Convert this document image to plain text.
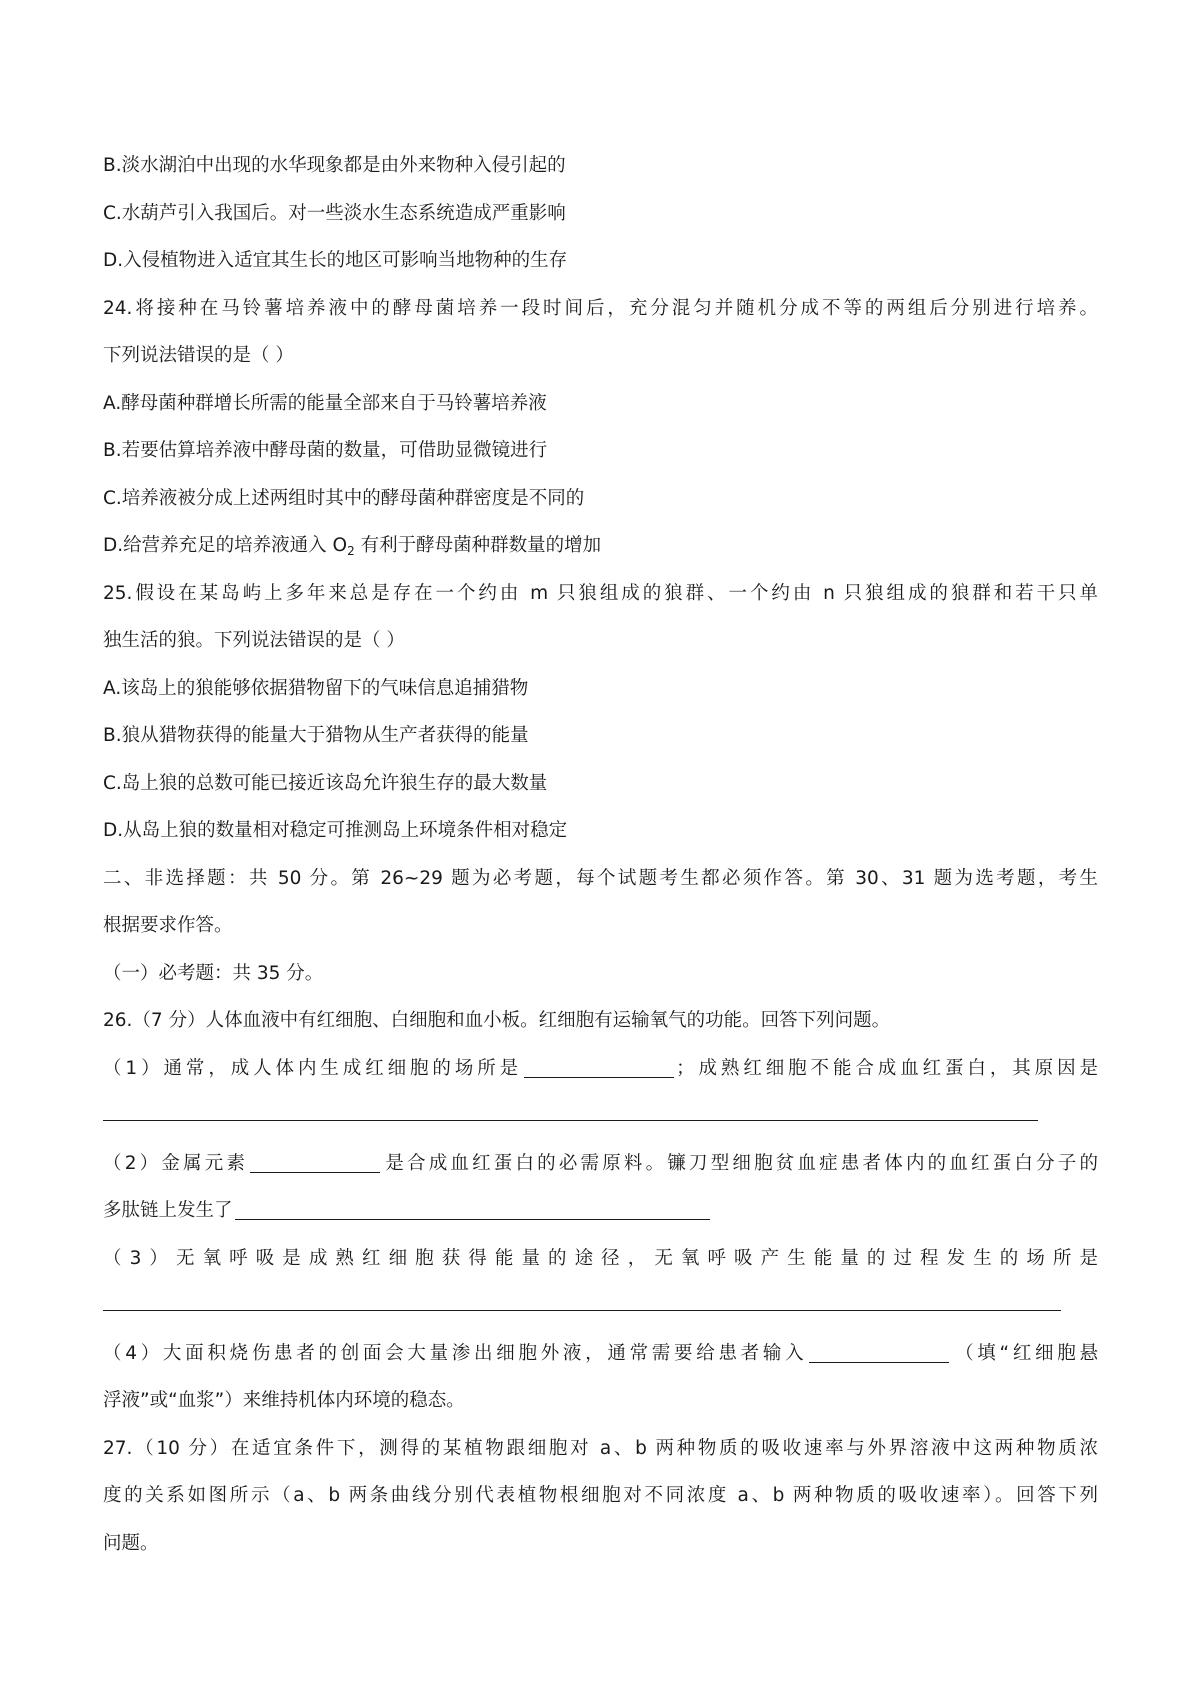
B.淡水湖泊中出现的水华现象都是由外来物种入侵引起的
C.水葫芦引入我国后。对一些淡水生态系统造成严重影响
D.入侵植物进入适宜其生长的地区可影响当地物种的生存
24.将接种在马铃薯培养液中的酵母菌培养一段时间后，充分混匀并随机分成不等的两组后分别进行培养。
下列说法错误的是（ ）
A.酵母菌种群增长所需的能量全部来自于马铃薯培养液
B.若要估算培养液中酵母菌的数量，可借助显微镜进行
C.培养液被分成上述两组时其中的酵母菌种群密度是不同的
D.给营养充足的培养液通入 $O_2$ 有利于酵母菌种群数量的增加
25.假设在某岛屿上多年来总是存在一个约由 m 只狼组成的狼群、一个约由 n 只狼组成的狼群和若干只单
独生活的狼。下列说法错误的是（ ）
A.该岛上的狼能够依据猎物留下的气味信息追捕猎物
B.狼从猎物获得的能量大于猎物从生产者获得的能量
C.岛上狼的总数可能已接近该岛允许狼生存的最大数量
D.从岛上狼的数量相对稳定可推测岛上环境条件相对稳定
二、非选择题：共 50 分。第 26~29 题为必考题，每个试题考生都必须作答。第 30、31 题为选考题，考生
根据要求作答。
（一）必考题：共 35 分。
26.（7 分）人体血液中有红细胞、白细胞和血小板。红细胞有运输氧气的功能。回答下列问题。
（1）通常，成人体内生成红细胞的场所是	；成熟红细胞不能合成血红蛋白，其原因是
（2）金属元素	是合成血红蛋白的必需原料。镰刀型细胞贫血症患者体内的血红蛋白分子的
多肽链上发生了
（3）无氧呼吸是成熟红细胞获得能量的途径，无氧呼吸产生能量的过程发生的场所是
（4）大面积烧伤患者的创面会大量渗出细胞外液，通常需要给患者输入	（填“红细胞悬
浮液”或“血浆”）来维持机体内环境的稳态。
27.（10 分）在适宜条件下，测得的某植物跟细胞对 a、b 两种物质的吸收速率与外界溶液中这两种物质浓
度的关系如图所示（a、b 两条曲线分别代表植物根细胞对不同浓度 a、b 两种物质的吸收速率）。回答下列
问题。
